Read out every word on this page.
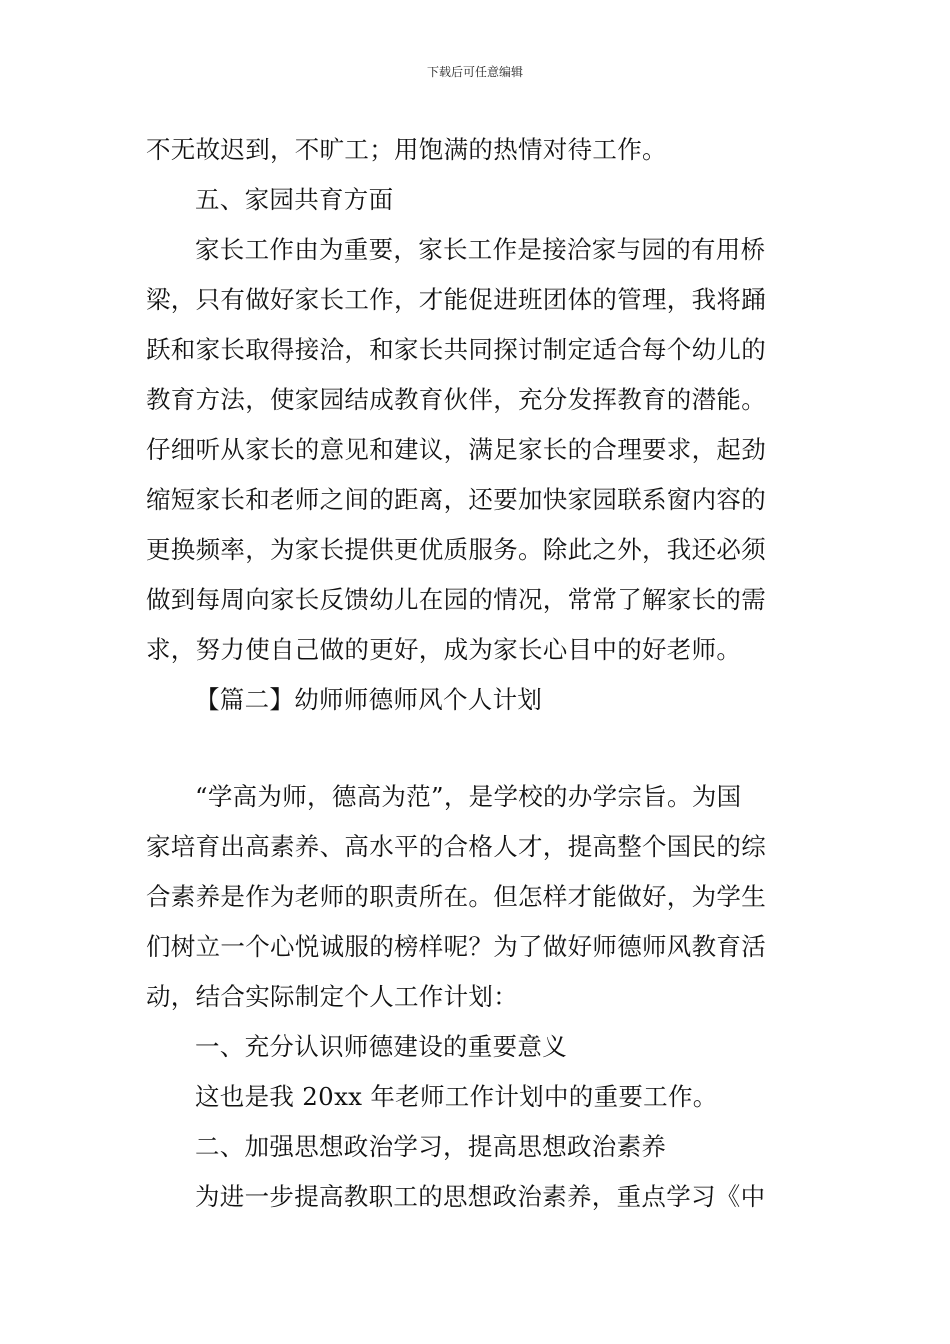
下载后可任意编辑
不无故迟到，不旷工；用饱满的热情对待工作。
五、家园共育方面
家长工作由为重要，家长工作是接洽家与园的有用桥
梁，只有做好家长工作，才能促进班团体的管理，我将踊
跃和家长取得接洽，和家长共同探讨制定适合每个幼儿的
教育方法，使家园结成教育伙伴，充分发挥教育的潜能。
仔细听从家长的意见和建议，满足家长的合理要求，起劲
缩短家长和老师之间的距离，还要加快家园联系窗内容的
更换频率，为家长提供更优质服务。除此之外，我还必须
做到每周向家长反馈幼儿在园的情况，常常了解家长的需
求，努力使自己做的更好，成为家长心目中的好老师。
【篇二】幼师师德师风个人计划
“学高为师，德高为范”，是学校的办学宗旨。为国
家培育出高素养、高水平的合格人才，提高整个国民的综
合素养是作为老师的职责所在。但怎样才能做好，为学生
们树立一个心悦诚服的榜样呢？为了做好师德师风教育活
动，结合实际制定个人工作计划：
一、充分认识师德建设的重要意义
这也是我 20xx 年老师工作计划中的重要工作。
二、加强思想政治学习，提高思想政治素养
为进一步提高教职工的思想政治素养，重点学习《中
